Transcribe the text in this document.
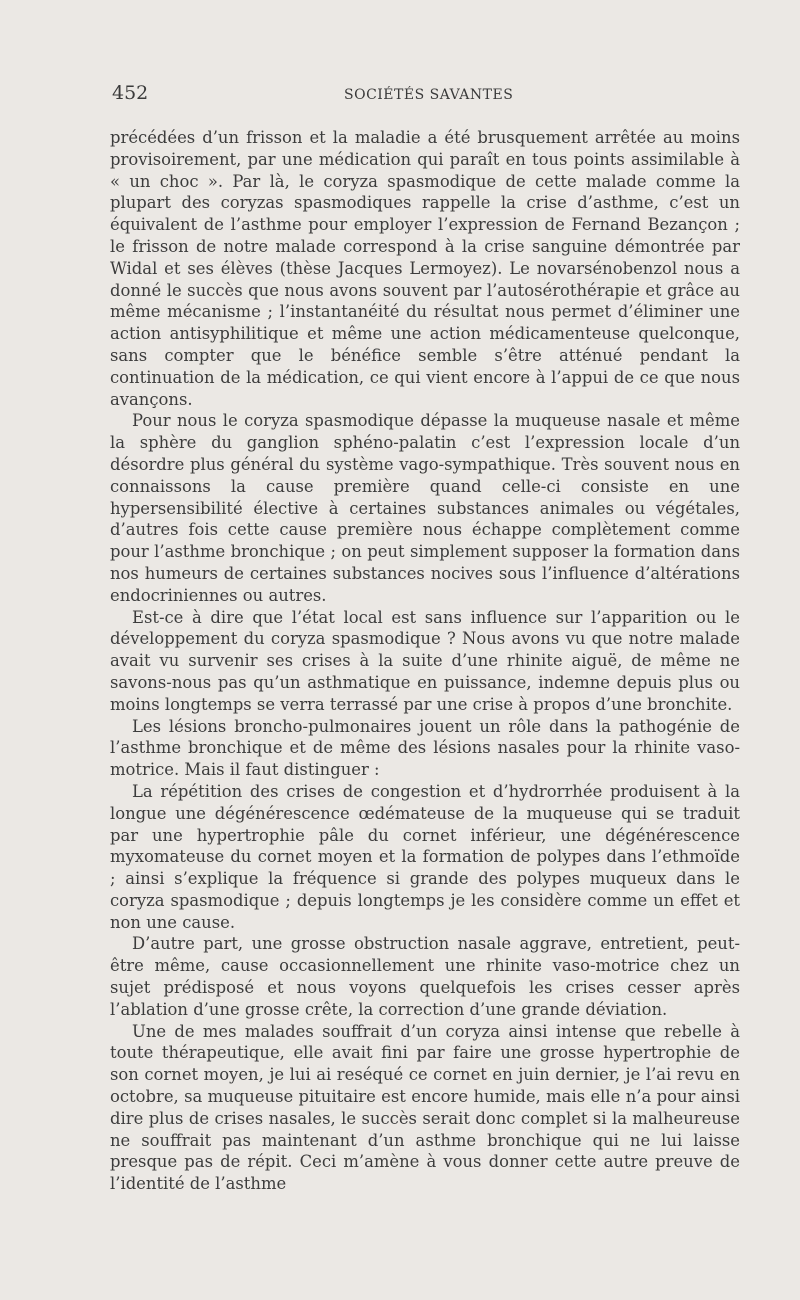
452	SOCIÉTÉS SAVANTES

précédées d’un frisson et la maladie a été brusquement arrêtée au moins provisoirement, par une médication qui paraît en tous points assimilable à « un choc ». Par là, le coryza spasmodique de cette malade comme la plupart des coryzas spasmodiques rappelle la crise d’asthme, c’est un équivalent de l’asthme pour employer l’expression de Fernand Bezançon ; le frisson de notre malade correspond à la crise sanguine démontrée par Widal et ses élèves (thèse Jacques Lermoyez). Le novarsénobenzol nous a donné le succès que nous avons souvent par l’autosérothérapie et grâce au même mécanisme ; l’instantanéité du résultat nous permet d’éliminer une action antisyphilitique et même une action médicamenteuse quelconque, sans compter que le bénéfice semble s’être atténué pendant la continuation de la médication, ce qui vient encore à l’appui de ce que nous avançons.

Pour nous le coryza spasmodique dépasse la muqueuse nasale et même la sphère du ganglion sphéno-palatin c’est l’expression locale d’un désordre plus général du système vago-sympathique. Très souvent nous en connaissons la cause première quand celle-ci consiste en une hypersensibilité élective à certaines substances animales ou végétales, d’autres fois cette cause première nous échappe complètement comme pour l’asthme bronchique ; on peut simplement supposer la formation dans nos humeurs de certaines substances nocives sous l’influence d’altérations endocriniennes ou autres.

Est-ce à dire que l’état local est sans influence sur l’apparition ou le développement du coryza spasmodique ? Nous avons vu que notre malade avait vu survenir ses crises à la suite d’une rhinite aiguë, de même ne savons-nous pas qu’un asthmatique en puissance, indemne depuis plus ou moins longtemps se verra terrassé par une crise à propos d’une bronchite.

Les lésions broncho-pulmonaires jouent un rôle dans la pathogénie de l’asthme bronchique et de même des lésions nasales pour la rhinite vaso-motrice. Mais il faut distinguer :

La répétition des crises de congestion et d’hydrorrhée produisent à la longue une dégénérescence œdémateuse de la muqueuse qui se traduit par une hypertrophie pâle du cornet inférieur, une dégénérescence myxomateuse du cornet moyen et la formation de polypes dans l’ethmoïde ; ainsi s’explique la fréquence si grande des polypes muqueux dans le coryza spasmodique ; depuis longtemps je les considère comme un effet et non une cause.

D’autre part, une grosse obstruction nasale aggrave, entretient, peut-être même, cause occasionnellement une rhinite vaso-motrice chez un sujet prédisposé et nous voyons quelquefois les crises cesser après l’ablation d’une grosse crête, la correction d’une grande déviation.

Une de mes malades souffrait d’un coryza ainsi intense que rebelle à toute thérapeutique, elle avait fini par faire une grosse hypertrophie de son cornet moyen, je lui ai reséqué ce cornet en juin dernier, je l’ai revu en octobre, sa muqueuse pituitaire est encore humide, mais elle n’a pour ainsi dire plus de crises nasales, le succès serait donc complet si la malheureuse ne souffrait pas maintenant d’un asthme bronchique qui ne lui laisse presque pas de répit. Ceci m’amène à vous donner cette autre preuve de l’identité de l’asthme
